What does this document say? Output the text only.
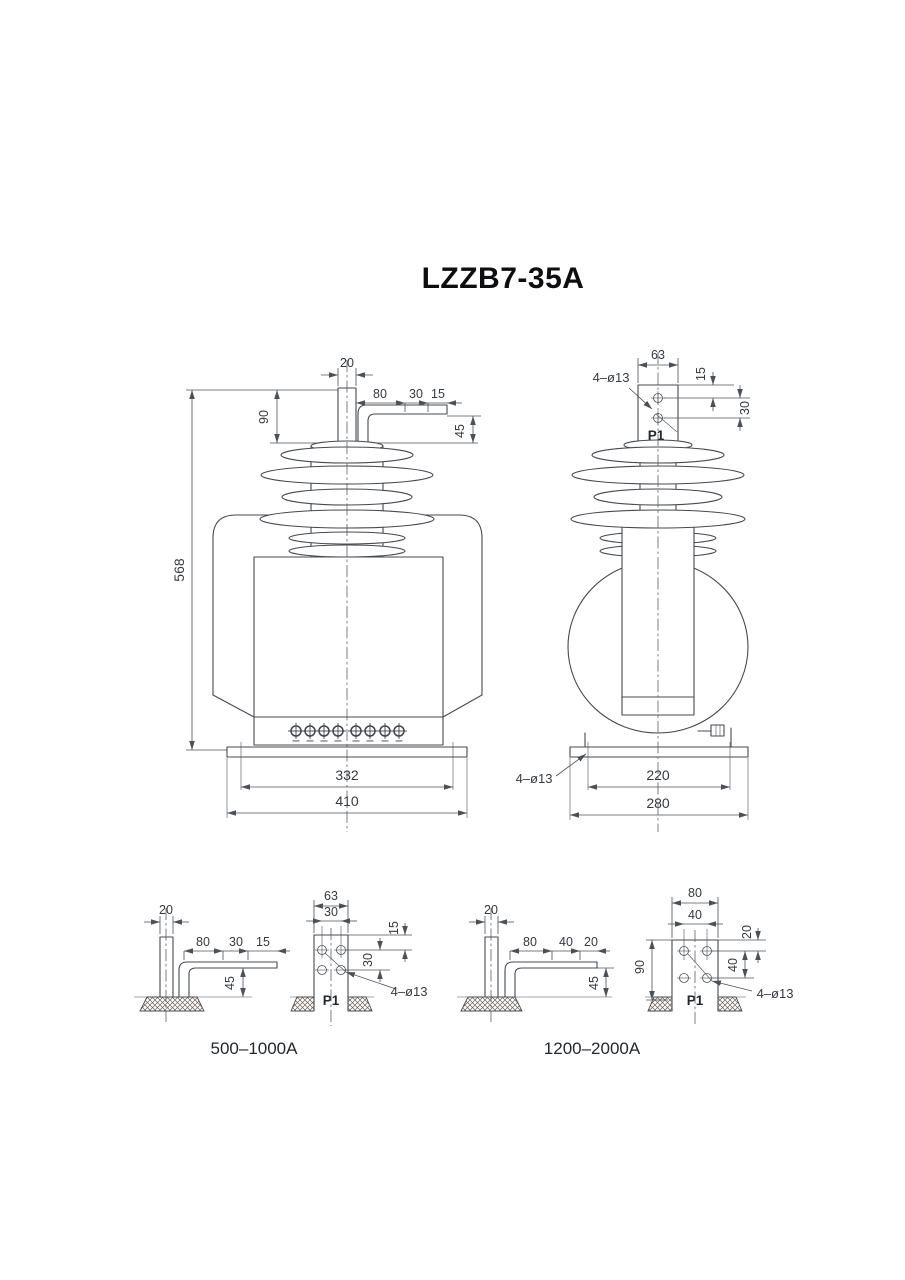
LZZB7-35A
568
20
90
80 30 15
45
332
410
63
15
30
4–ø13
P1
220
280
4–ø13
20
80 30 15
45
63
30
15
30
4–ø13
P1
500–1000A
20
80 40 20
45
80
40
20
40
90
4–ø13
P1
1200–2000A
